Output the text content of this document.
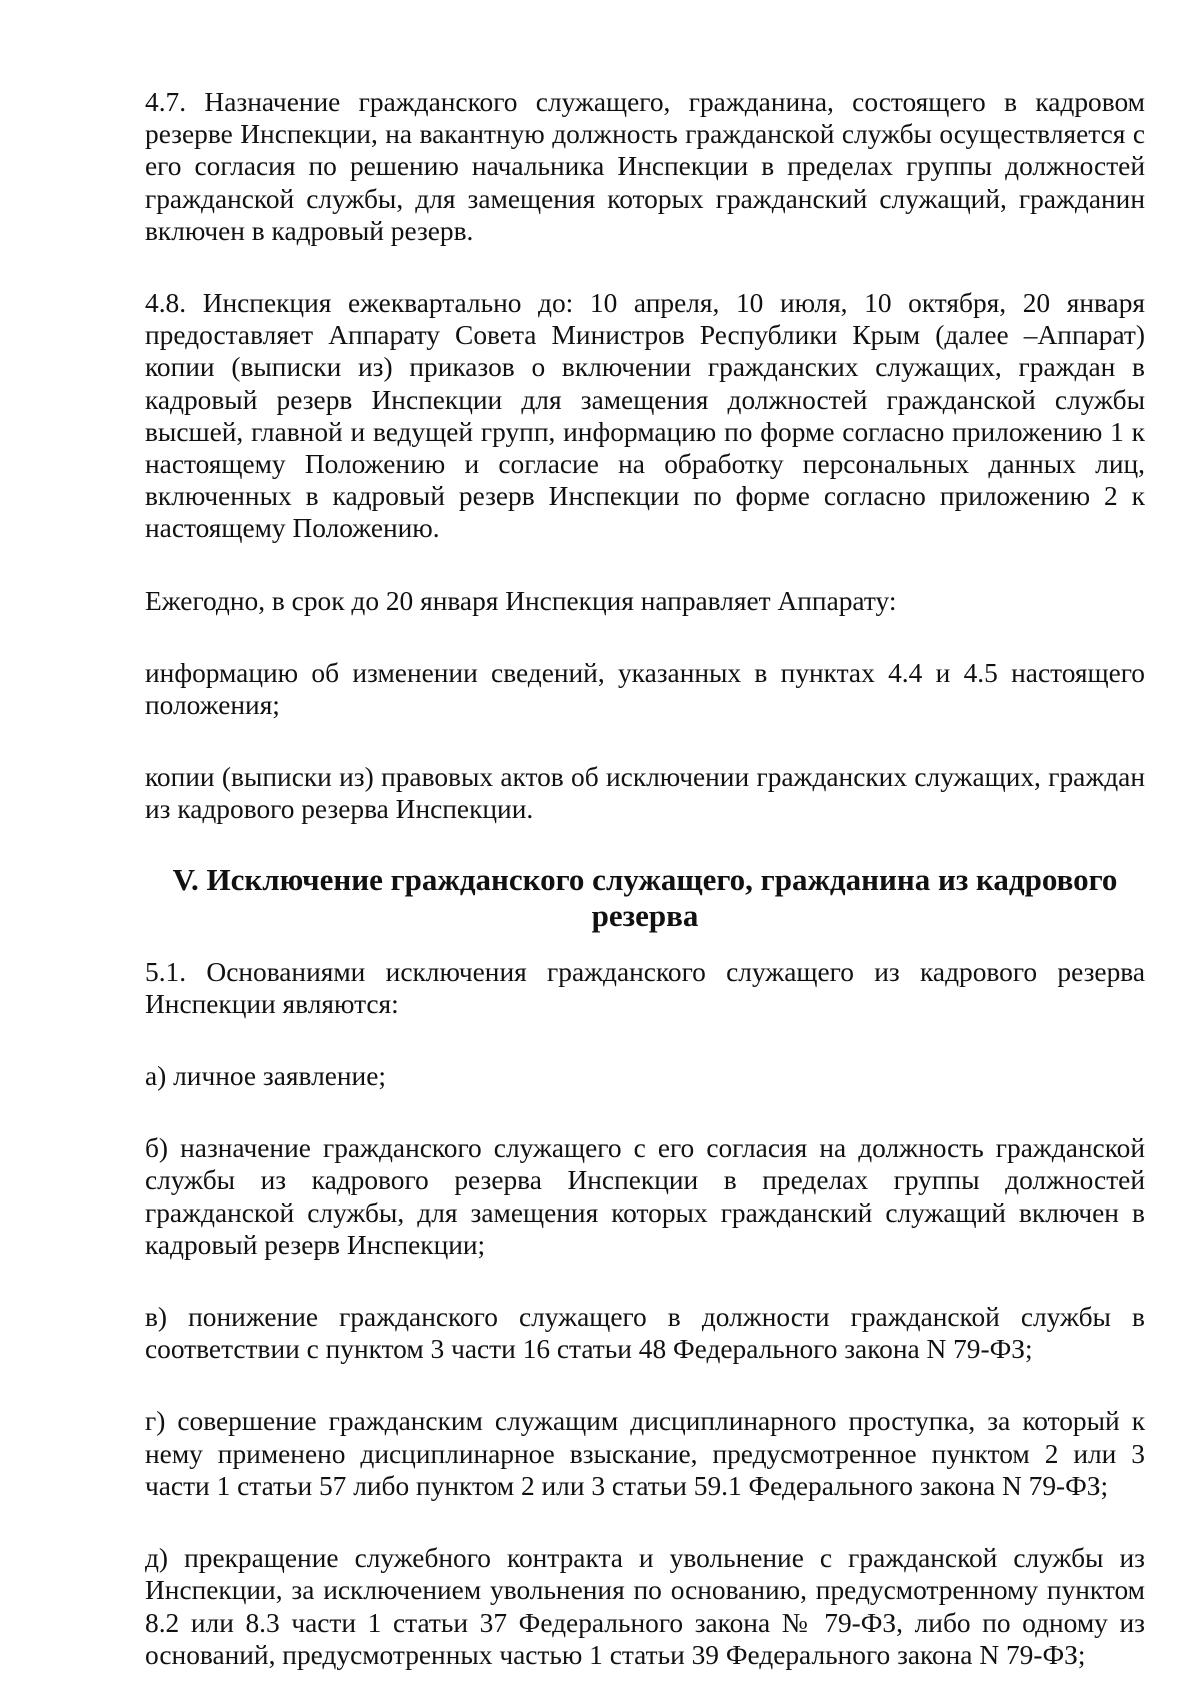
4.7. Назначение гражданского служащего, гражданина, состоящего в кадровом резерве Инспекции, на вакантную должность гражданской службы осуществляется с его согласия по решению начальника Инспекции в пределах группы должностей гражданской службы, для замещения которых гражданский служащий, гражданин включен в кадровый резерв.

4.8. Инспекция ежеквартально до: 10 апреля, 10 июля, 10 октября, 20 января предоставляет Аппарату Совета Министров Республики Крым (далее –Аппарат) копии (выписки из) приказов о включении гражданских служащих, граждан в кадровый резерв Инспекции для замещения должностей гражданской службы высшей, главной и ведущей групп, информацию по форме согласно приложению 1 к настоящему Положению и согласие на обработку персональных данных лиц, включенных в кадровый резерв Инспекции по форме согласно приложению 2 к настоящему Положению.

Ежегодно, в срок до 20 января Инспекция направляет Аппарату:

информацию об изменении сведений, указанных в пунктах 4.4 и 4.5 настоящего положения;

копии (выписки из) правовых актов об исключении гражданских служащих, граждан из кадрового резерва Инспекции.

V. Исключение гражданского служащего, гражданина из кадрового резерва

5.1. Основаниями исключения гражданского служащего из кадрового резерва Инспекции являются:

а) личное заявление;

б) назначение гражданского служащего с его согласия на должность гражданской службы из кадрового резерва Инспекции в пределах группы должностей гражданской службы, для замещения которых гражданский служащий включен в кадровый резерв Инспекции;

в) понижение гражданского служащего в должности гражданской службы в соответствии с пунктом 3 части 16 статьи 48 Федерального закона N 79-ФЗ;

г) совершение гражданским служащим дисциплинарного проступка, за который к нему применено дисциплинарное взыскание, предусмотренное пунктом 2 или 3 части 1 статьи 57 либо пунктом 2 или 3 статьи 59.1 Федерального закона N 79-ФЗ;

д) прекращение служебного контракта и увольнение с гражданской службы из Инспекции, за исключением увольнения по основанию, предусмотренному пунктом 8.2 или 8.3 части 1 статьи 37 Федерального закона № 79-ФЗ, либо по одному из оснований, предусмотренных частью 1 статьи 39 Федерального закона N 79-ФЗ;
